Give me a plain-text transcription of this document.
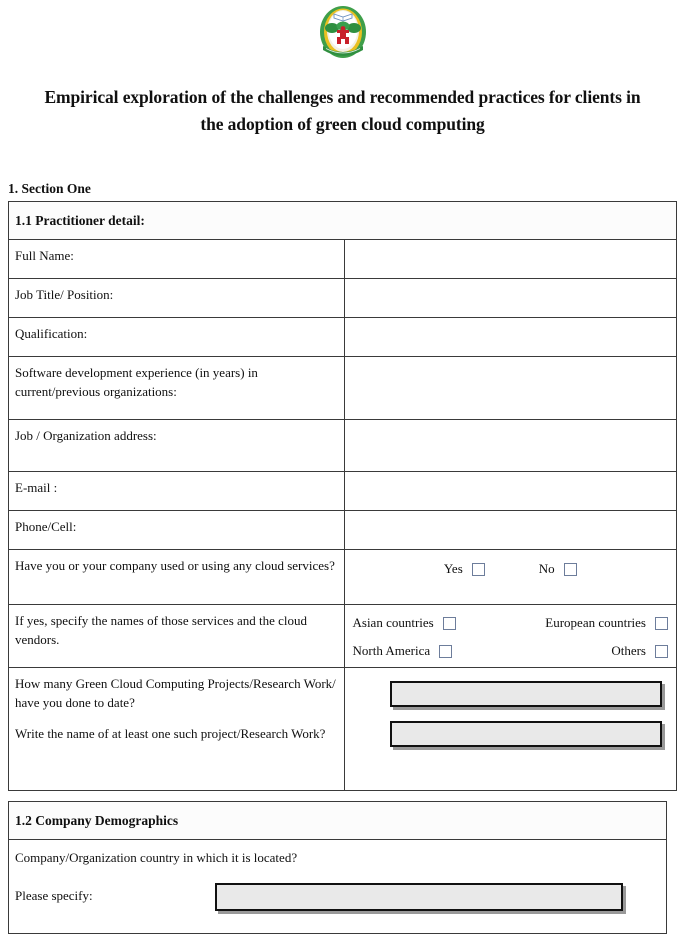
Empirical exploration of the challenges and recommended practices for clients in the adoption of green cloud computing
1. Section One
1.1 Practitioner detail:	
Full Name:	
Job Title/ Position:	
Qualification:	
Software development experience (in years) in current/previous organizations:	
Job / Organization address:	
E-mail :	
Phone/Cell:	
Have you or your company used or using any cloud services?	Yes No

If yes, specify the names of those services and the cloud vendors.	Asian countries European countries
North America Others

How many Green Cloud Computing Projects/Research Work/ have you done to date?

Write the name of at least one such project/Research Work?	

1.2 Company Demographics

Company/Organization country in which it is located?

Please specify:
